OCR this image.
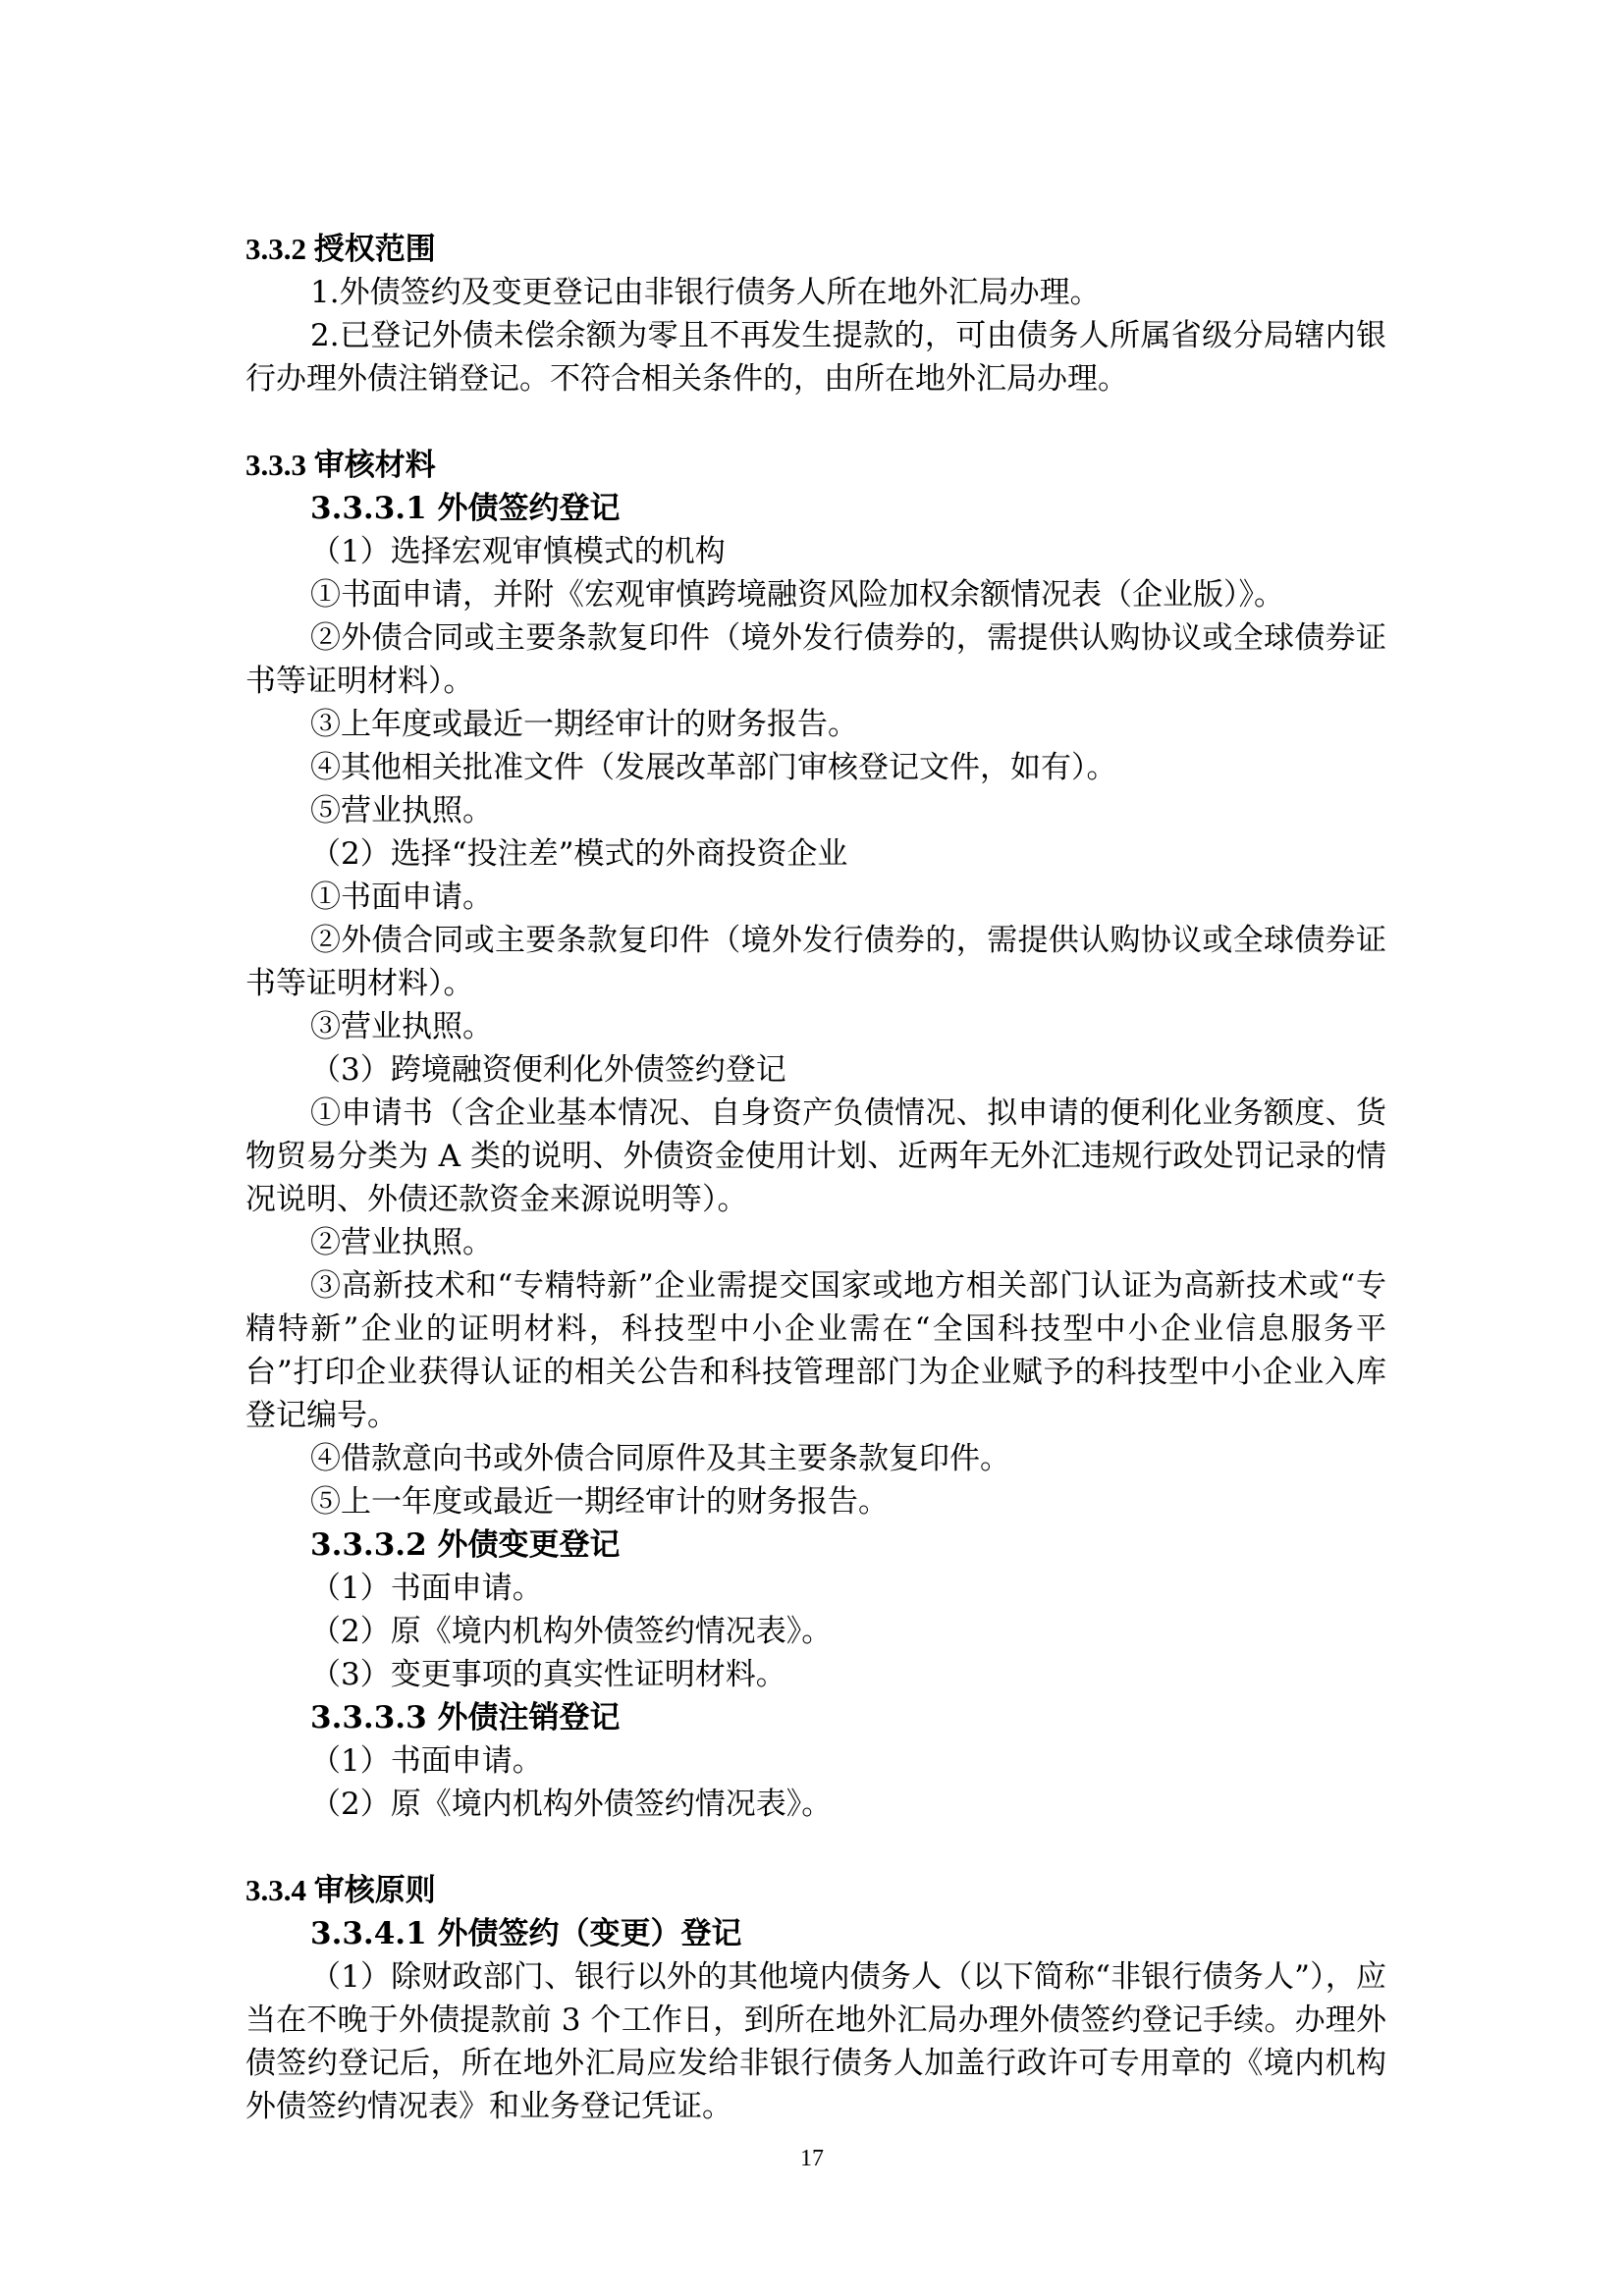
3.3.2 授权范围
1.外债签约及变更登记由非银行债务人所在地外汇局办理。
2.已登记外债未偿余额为零且不再发生提款的，可由债务人所属省级分局辖内银行办理外债注销登记。不符合相关条件的，由所在地外汇局办理。
3.3.3 审核材料
3.3.3.1 外债签约登记
（1）选择宏观审慎模式的机构
①书面申请，并附《宏观审慎跨境融资风险加权余额情况表（企业版）》。
②外债合同或主要条款复印件（境外发行债券的，需提供认购协议或全球债券证书等证明材料）。
③上年度或最近一期经审计的财务报告。
④其他相关批准文件（发展改革部门审核登记文件，如有）。
⑤营业执照。
（2）选择“投注差”模式的外商投资企业
①书面申请。
②外债合同或主要条款复印件（境外发行债券的，需提供认购协议或全球债券证书等证明材料）。
③营业执照。
（3）跨境融资便利化外债签约登记
①申请书（含企业基本情况、自身资产负债情况、拟申请的便利化业务额度、货物贸易分类为 A 类的说明、外债资金使用计划、近两年无外汇违规行政处罚记录的情况说明、外债还款资金来源说明等）。
②营业执照。
③高新技术和“专精特新”企业需提交国家或地方相关部门认证为高新技术或“专精特新”企业的证明材料，科技型中小企业需在“全国科技型中小企业信息服务平台”打印企业获得认证的相关公告和科技管理部门为企业赋予的科技型中小企业入库登记编号。
④借款意向书或外债合同原件及其主要条款复印件。
⑤上一年度或最近一期经审计的财务报告。
3.3.3.2 外债变更登记
（1）书面申请。
（2）原《境内机构外债签约情况表》。
（3）变更事项的真实性证明材料。
3.3.3.3 外债注销登记
（1）书面申请。
（2）原《境内机构外债签约情况表》。
3.3.4 审核原则
3.3.4.1 外债签约（变更）登记
（1）除财政部门、银行以外的其他境内债务人（以下简称“非银行债务人”），应当在不晚于外债提款前 3 个工作日，到所在地外汇局办理外债签约登记手续。办理外债签约登记后，所在地外汇局应发给非银行债务人加盖行政许可专用章的《境内机构外债签约情况表》和业务登记凭证。
17
